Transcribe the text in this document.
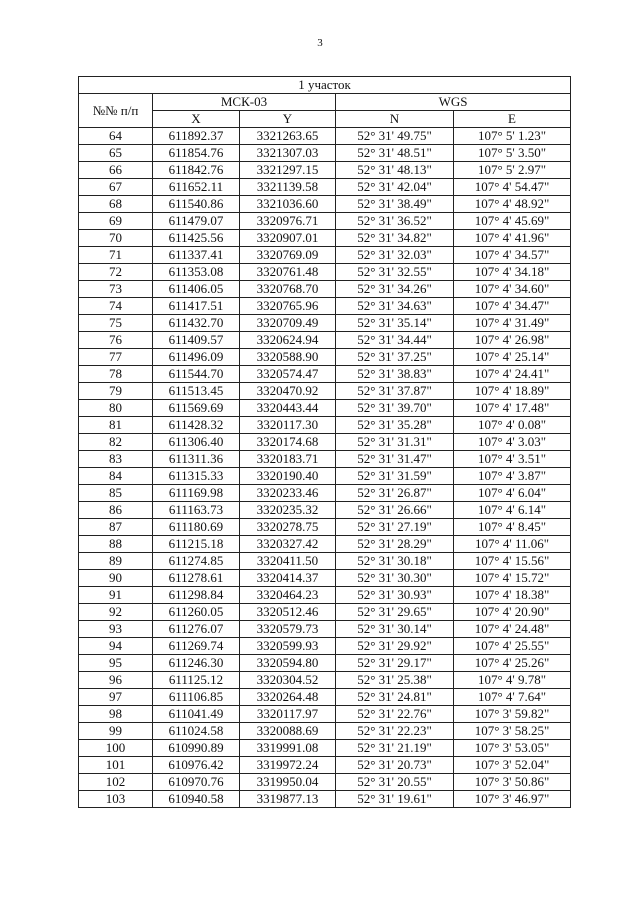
3
1 участок				
№№ п/п	МСК-03		WGS	
	X	Y	N	E
64	611892.37	3321263.65	52° 31' 49.75"	107° 5' 1.23"
65	611854.76	3321307.03	52° 31' 48.51"	107° 5' 3.50"
66	611842.76	3321297.15	52° 31' 48.13"	107° 5' 2.97"
67	611652.11	3321139.58	52° 31' 42.04"	107° 4' 54.47"
68	611540.86	3321036.60	52° 31' 38.49"	107° 4' 48.92"
69	611479.07	3320976.71	52° 31' 36.52"	107° 4' 45.69"
70	611425.56	3320907.01	52° 31' 34.82"	107° 4' 41.96"
71	611337.41	3320769.09	52° 31' 32.03"	107° 4' 34.57"
72	611353.08	3320761.48	52° 31' 32.55"	107° 4' 34.18"
73	611406.05	3320768.70	52° 31' 34.26"	107° 4' 34.60"
74	611417.51	3320765.96	52° 31' 34.63"	107° 4' 34.47"
75	611432.70	3320709.49	52° 31' 35.14"	107° 4' 31.49"
76	611409.57	3320624.94	52° 31' 34.44"	107° 4' 26.98"
77	611496.09	3320588.90	52° 31' 37.25"	107° 4' 25.14"
78	611544.70	3320574.47	52° 31' 38.83"	107° 4' 24.41"
79	611513.45	3320470.92	52° 31' 37.87"	107° 4' 18.89"
80	611569.69	3320443.44	52° 31' 39.70"	107° 4' 17.48"
81	611428.32	3320117.30	52° 31' 35.28"	107° 4' 0.08"
82	611306.40	3320174.68	52° 31' 31.31"	107° 4' 3.03"
83	611311.36	3320183.71	52° 31' 31.47"	107° 4' 3.51"
84	611315.33	3320190.40	52° 31' 31.59"	107° 4' 3.87"
85	611169.98	3320233.46	52° 31' 26.87"	107° 4' 6.04"
86	611163.73	3320235.32	52° 31' 26.66"	107° 4' 6.14"
87	611180.69	3320278.75	52° 31' 27.19"	107° 4' 8.45"
88	611215.18	3320327.42	52° 31' 28.29"	107° 4' 11.06"
89	611274.85	3320411.50	52° 31' 30.18"	107° 4' 15.56"
90	611278.61	3320414.37	52° 31' 30.30"	107° 4' 15.72"
91	611298.84	3320464.23	52° 31' 30.93"	107° 4' 18.38"
92	611260.05	3320512.46	52° 31' 29.65"	107° 4' 20.90"
93	611276.07	3320579.73	52° 31' 30.14"	107° 4' 24.48"
94	611269.74	3320599.93	52° 31' 29.92"	107° 4' 25.55"
95	611246.30	3320594.80	52° 31' 29.17"	107° 4' 25.26"
96	611125.12	3320304.52	52° 31' 25.38"	107° 4' 9.78"
97	611106.85	3320264.48	52° 31' 24.81"	107° 4' 7.64"
98	611041.49	3320117.97	52° 31' 22.76"	107° 3' 59.82"
99	611024.58	3320088.69	52° 31' 22.23"	107° 3' 58.25"
100	610990.89	3319991.08	52° 31' 21.19"	107° 3' 53.05"
101	610976.42	3319972.24	52° 31' 20.73"	107° 3' 52.04"
102	610970.76	3319950.04	52° 31' 20.55"	107° 3' 50.86"
103	610940.58	3319877.13	52° 31' 19.61"	107° 3' 46.97"
